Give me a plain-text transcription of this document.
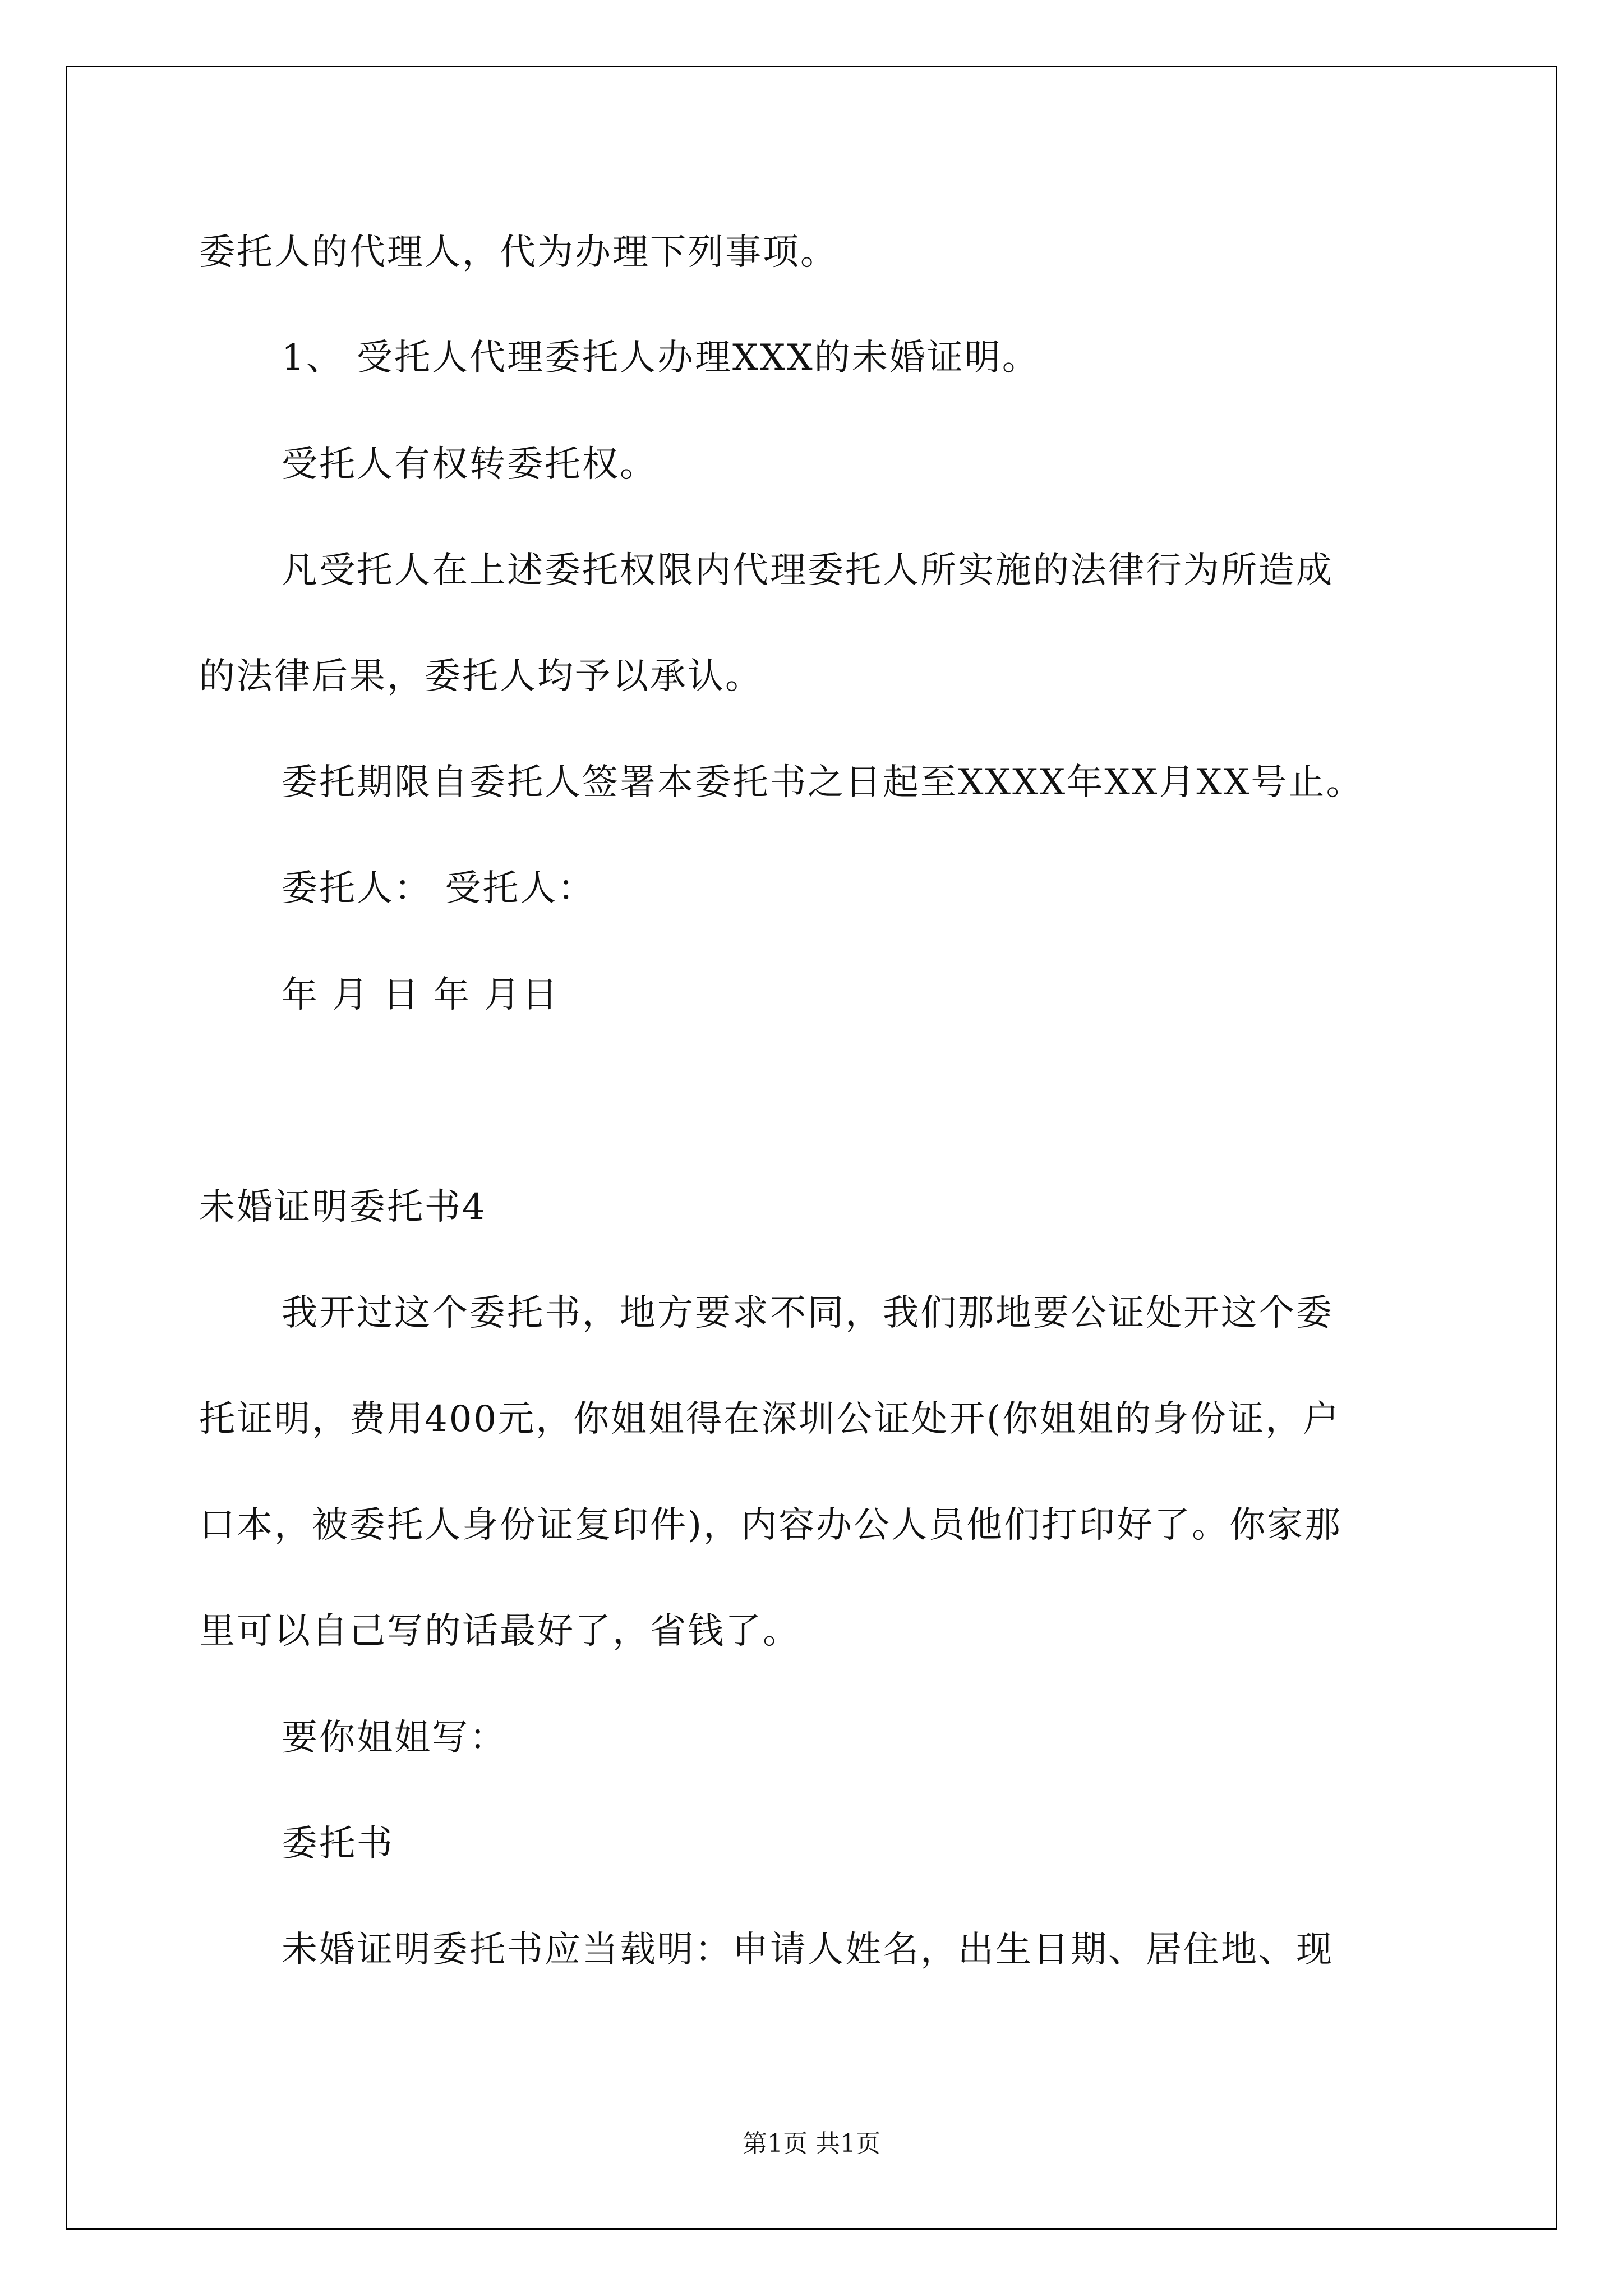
委托人的代理人，代为办理下列事项。
1、 受托人代理委托人办理XXX的未婚证明。
受托人有权转委托权。
凡受托人在上述委托权限内代理委托人所实施的法律行为所造成
的法律后果，委托人均予以承认。
委托期限自委托人签署本委托书之日起至XXXX年XX月XX号止。
委托人： 受托人：
年 月 日 年 月日
未婚证明委托书4
我开过这个委托书，地方要求不同，我们那地要公证处开这个委
托证明，费用400元，你姐姐得在深圳公证处开(你姐姐的身份证，户
口本，被委托人身份证复印件)，内容办公人员他们打印好了。你家那
里可以自己写的话最好了，省钱了。
要你姐姐写：
委托书
未婚证明委托书应当载明：申请人姓名，出生日期、居住地、现
第1页 共1页
